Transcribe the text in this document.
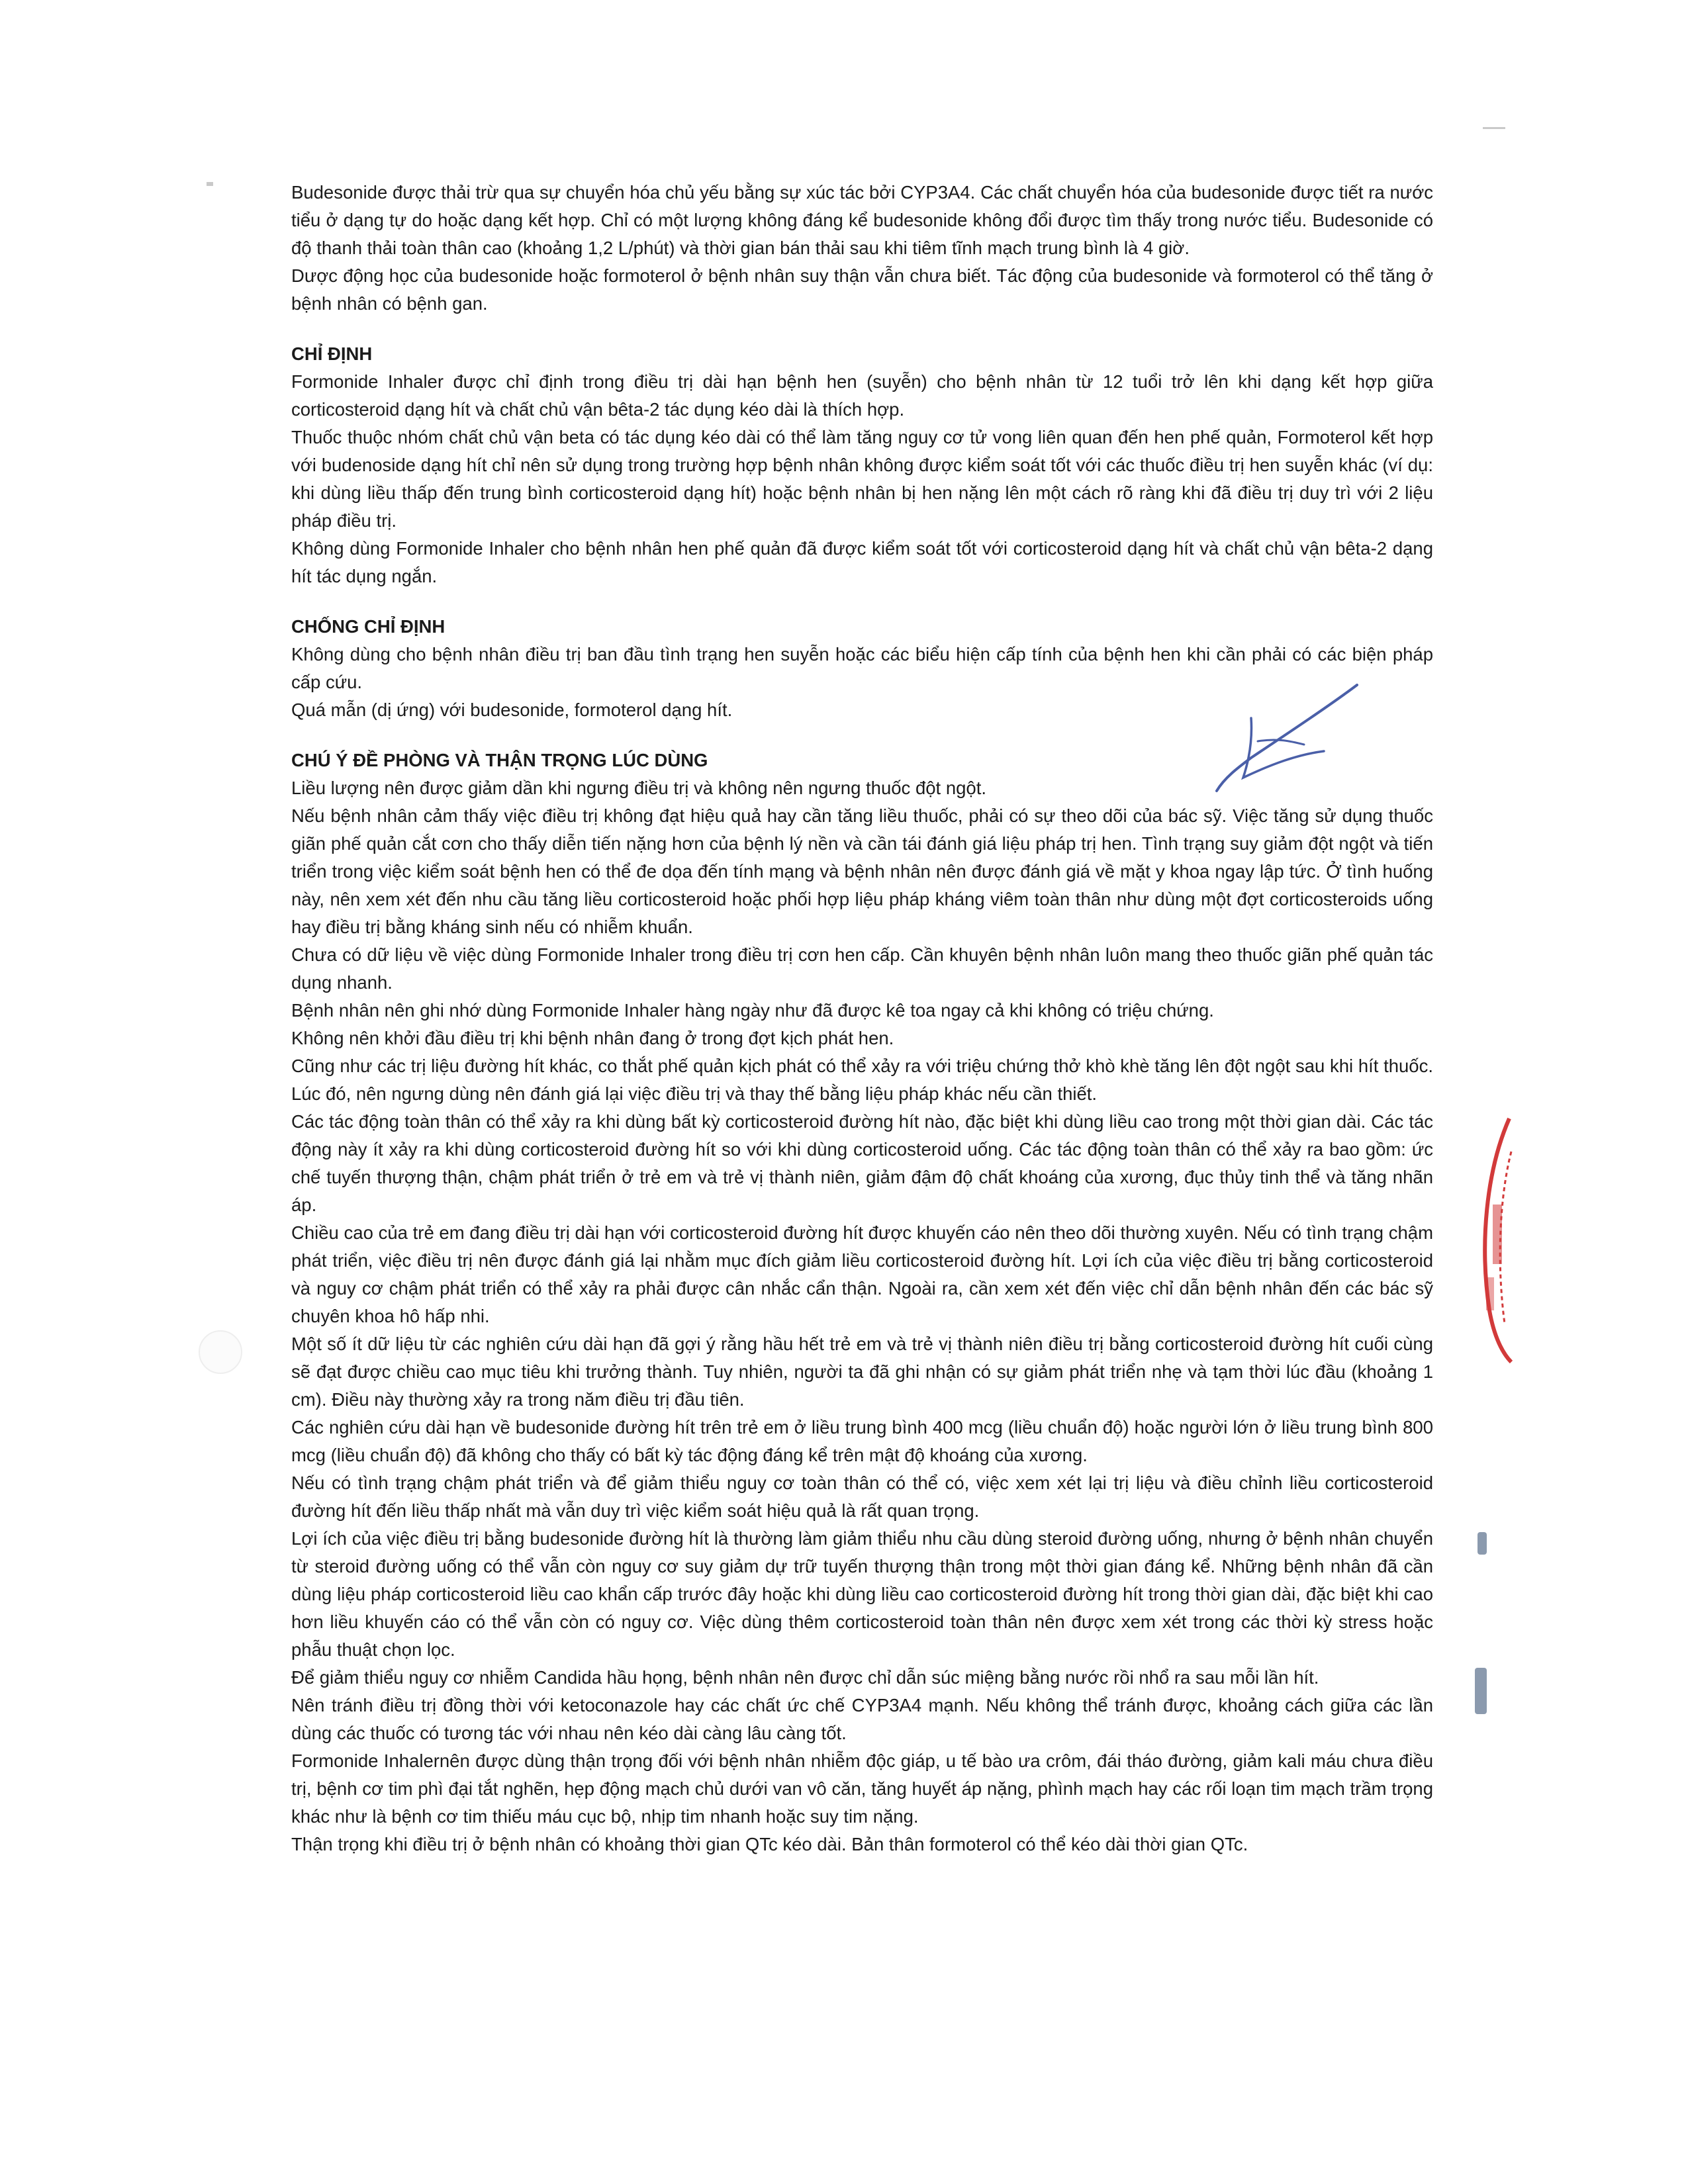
Budesonide được thải trừ qua sự chuyển hóa chủ yếu bằng sự xúc tác bởi CYP3A4. Các chất chuyển hóa của budesonide được tiết ra nước tiểu ở dạng tự do hoặc dạng kết hợp. Chỉ có một lượng không đáng kể budesonide không đổi được tìm thấy trong nước tiểu. Budesonide có độ thanh thải toàn thân cao (khoảng 1,2 L/phút) và thời gian bán thải sau khi tiêm tĩnh mạch trung bình là 4 giờ.

Dược động học của budesonide hoặc formoterol ở bệnh nhân suy thận vẫn chưa biết. Tác động của budesonide và formoterol có thể tăng ở bệnh nhân có bệnh gan.

CHỈ ĐỊNH

Formonide Inhaler được chỉ định trong điều trị dài hạn bệnh hen (suyễn) cho bệnh nhân từ 12 tuổi trở lên khi dạng kết hợp giữa corticosteroid dạng hít và chất chủ vận bêta-2 tác dụng kéo dài là thích hợp.

Thuốc thuộc nhóm chất chủ vận beta có tác dụng kéo dài có thể làm tăng nguy cơ tử vong liên quan đến hen phế quản, Formoterol kết hợp với budenoside dạng hít chỉ nên sử dụng trong trường hợp bệnh nhân không được kiểm soát tốt với các thuốc điều trị hen suyễn khác (ví dụ: khi dùng liều thấp đến trung bình corticosteroid dạng hít) hoặc bệnh nhân bị hen nặng lên một cách rõ ràng khi đã điều trị duy trì với 2 liệu pháp điều trị.

Không dùng Formonide Inhaler cho bệnh nhân hen phế quản đã được kiểm soát tốt với corticosteroid dạng hít và chất chủ vận bêta-2 dạng hít tác dụng ngắn.

CHỐNG CHỈ ĐỊNH

Không dùng cho bệnh nhân điều trị ban đầu tình trạng hen suyễn hoặc các biểu hiện cấp tính của bệnh hen khi cần phải có các biện pháp cấp cứu.

Quá mẫn (dị ứng) với budesonide, formoterol dạng hít.

CHÚ Ý ĐỀ PHÒNG VÀ THẬN TRỌNG LÚC DÙNG

Liều lượng nên được giảm dần khi ngưng điều trị và không nên ngưng thuốc đột ngột.

Nếu bệnh nhân cảm thấy việc điều trị không đạt hiệu quả hay cần tăng liều thuốc, phải có sự theo dõi của bác sỹ. Việc tăng sử dụng thuốc giãn phế quản cắt cơn cho thấy diễn tiến nặng hơn của bệnh lý nền và cần tái đánh giá liệu pháp trị hen. Tình trạng suy giảm đột ngột và tiến triển trong việc kiểm soát bệnh hen có thể đe dọa đến tính mạng và bệnh nhân nên được đánh giá về mặt y khoa ngay lập tức. Ở tình huống này, nên xem xét đến nhu cầu tăng liều corticosteroid hoặc phối hợp liệu pháp kháng viêm toàn thân như dùng một đợt corticosteroids uống hay điều trị bằng kháng sinh nếu có nhiễm khuẩn.

Chưa có dữ liệu về việc dùng Formonide Inhaler trong điều trị cơn hen cấp. Cần khuyên bệnh nhân luôn mang theo thuốc giãn phế quản tác dụng nhanh.

Bệnh nhân nên ghi nhớ dùng Formonide Inhaler hàng ngày như đã được kê toa ngay cả khi không có triệu chứng.

Không nên khởi đầu điều trị khi bệnh nhân đang ở trong đợt kịch phát hen.

Cũng như các trị liệu đường hít khác, co thắt phế quản kịch phát có thể xảy ra với triệu chứng thở khò khè tăng lên đột ngột sau khi hít thuốc. Lúc đó, nên ngưng dùng nên đánh giá lại việc điều trị và thay thế bằng liệu pháp khác nếu cần thiết.

Các tác động toàn thân có thể xảy ra khi dùng bất kỳ corticosteroid đường hít nào, đặc biệt khi dùng liều cao trong một thời gian dài. Các tác động này ít xảy ra khi dùng corticosteroid đường hít so với khi dùng corticosteroid uống. Các tác động toàn thân có thể xảy ra bao gồm: ức chế tuyến thượng thận, chậm phát triển ở trẻ em và trẻ vị thành niên, giảm đậm độ chất khoáng của xương, đục thủy tinh thể và tăng nhãn áp.

Chiều cao của trẻ em đang điều trị dài hạn với corticosteroid đường hít được khuyến cáo nên theo dõi thường xuyên. Nếu có tình trạng chậm phát triển, việc điều trị nên được đánh giá lại nhằm mục đích giảm liều corticosteroid đường hít. Lợi ích của việc điều trị bằng corticosteroid và nguy cơ chậm phát triển có thể xảy ra phải được cân nhắc cẩn thận. Ngoài ra, cần xem xét đến việc chỉ dẫn bệnh nhân đến các bác sỹ chuyên khoa hô hấp nhi.

Một số ít dữ liệu từ các nghiên cứu dài hạn đã gợi ý rằng hầu hết trẻ em và trẻ vị thành niên điều trị bằng corticosteroid đường hít cuối cùng sẽ đạt được chiều cao mục tiêu khi trưởng thành. Tuy nhiên, người ta đã ghi nhận có sự giảm phát triển nhẹ và tạm thời lúc đầu (khoảng 1 cm). Điều này thường xảy ra trong năm điều trị đầu tiên.

Các nghiên cứu dài hạn về budesonide đường hít trên trẻ em ở liều trung bình 400 mcg (liều chuẩn độ) hoặc người lớn ở liều trung bình 800 mcg (liều chuẩn độ) đã không cho thấy có bất kỳ tác động đáng kể trên mật độ khoáng của xương.

Nếu có tình trạng chậm phát triển và để giảm thiểu nguy cơ toàn thân có thể có, việc xem xét lại trị liệu và điều chỉnh liều corticosteroid đường hít đến liều thấp nhất mà vẫn duy trì việc kiểm soát hiệu quả là rất quan trọng.

Lợi ích của việc điều trị bằng budesonide đường hít là thường làm giảm thiểu nhu cầu dùng steroid đường uống, nhưng ở bệnh nhân chuyển từ steroid đường uống có thể vẫn còn nguy cơ suy giảm dự trữ tuyến thượng thận trong một thời gian đáng kể. Những bệnh nhân đã cần dùng liệu pháp corticosteroid liều cao khẩn cấp trước đây hoặc khi dùng liều cao corticosteroid đường hít trong thời gian dài, đặc biệt khi cao hơn liều khuyến cáo có thể vẫn còn có nguy cơ. Việc dùng thêm corticosteroid toàn thân nên được xem xét trong các thời kỳ stress hoặc phẫu thuật chọn lọc.

Để giảm thiểu nguy cơ nhiễm Candida hầu họng, bệnh nhân nên được chỉ dẫn súc miệng bằng nước rồi nhổ ra sau mỗi lần hít.

Nên tránh điều trị đồng thời với ketoconazole hay các chất ức chế CYP3A4 mạnh. Nếu không thể tránh được, khoảng cách giữa các lần dùng các thuốc có tương tác với nhau nên kéo dài càng lâu càng tốt.

Formonide Inhalernên được dùng thận trọng đối với bệnh nhân nhiễm độc giáp, u tế bào ưa crôm, đái tháo đường, giảm kali máu chưa điều trị, bệnh cơ tim phì đại tắt nghẽn, hẹp động mạch chủ dưới van vô căn, tăng huyết áp nặng, phình mạch hay các rối loạn tim mạch trầm trọng khác như là bệnh cơ tim thiếu máu cục bộ, nhịp tim nhanh hoặc suy tim nặng.

Thận trọng khi điều trị ở bệnh nhân có khoảng thời gian QTc kéo dài. Bản thân formoterol có thể kéo dài thời gian QTc.
